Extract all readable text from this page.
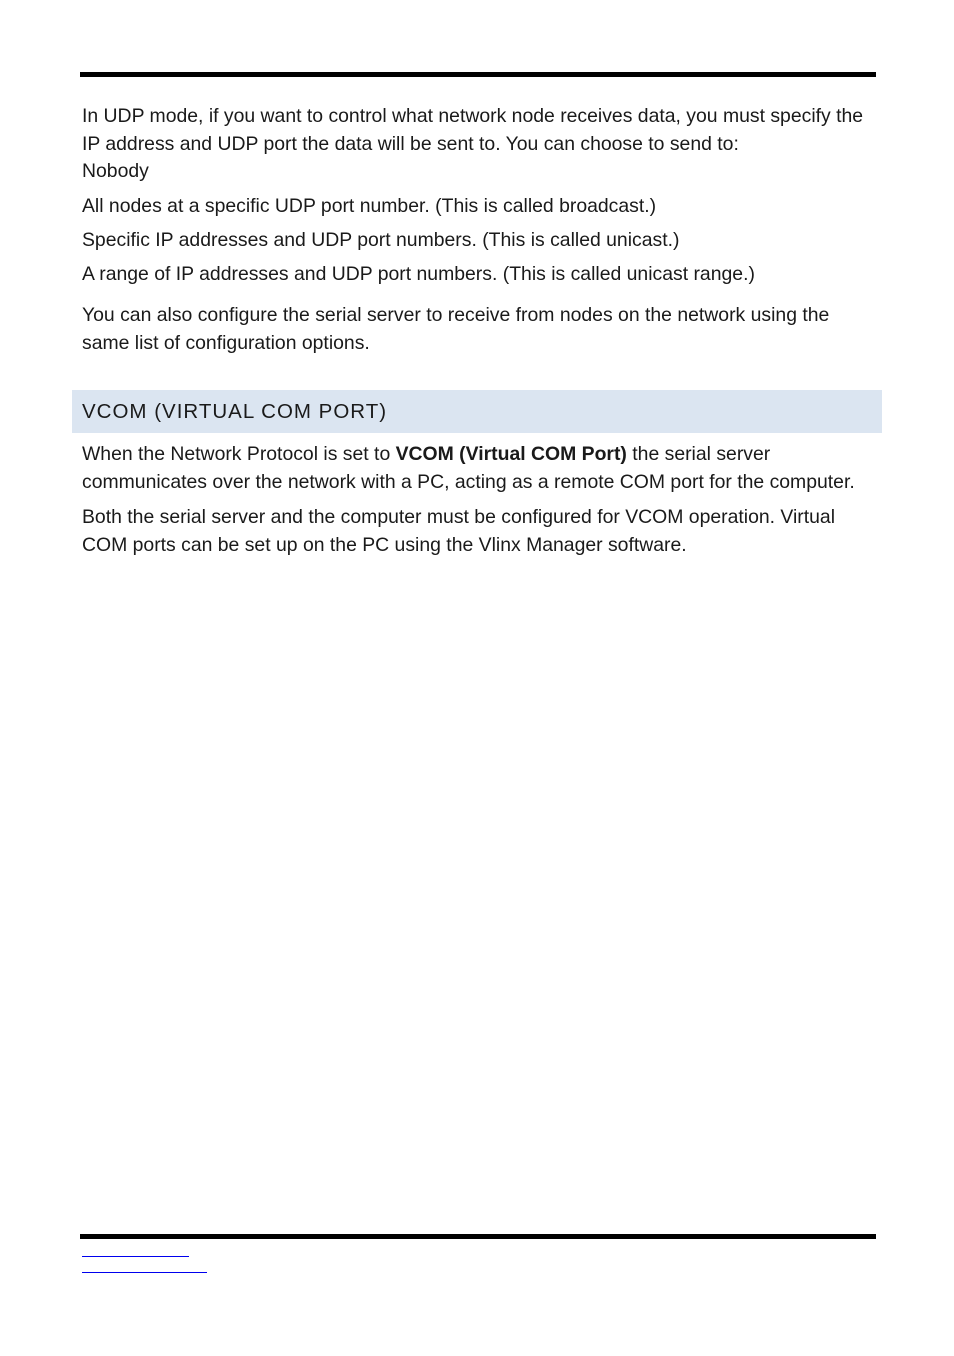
In UDP mode, if you want to control what network node receives data, you must specify the IP address and UDP port the data will be sent to. You can choose to send to:

Nobody

All nodes at a specific UDP port number. (This is called broadcast.)

Specific IP addresses and UDP port numbers. (This is called unicast.)

A range of IP addresses and UDP port numbers. (This is called unicast range.)

You can also configure the serial server to receive from nodes on the network using the same list of configuration options.

VCOM (VIRTUAL COM PORT)

When the Network Protocol is set to VCOM (Virtual COM Port) the serial server communicates over the network with a PC, acting as a remote COM port for the computer.

Both the serial server and the computer must be configured for VCOM operation. Virtual COM ports can be set up on the PC using the Vlinx Manager software.
